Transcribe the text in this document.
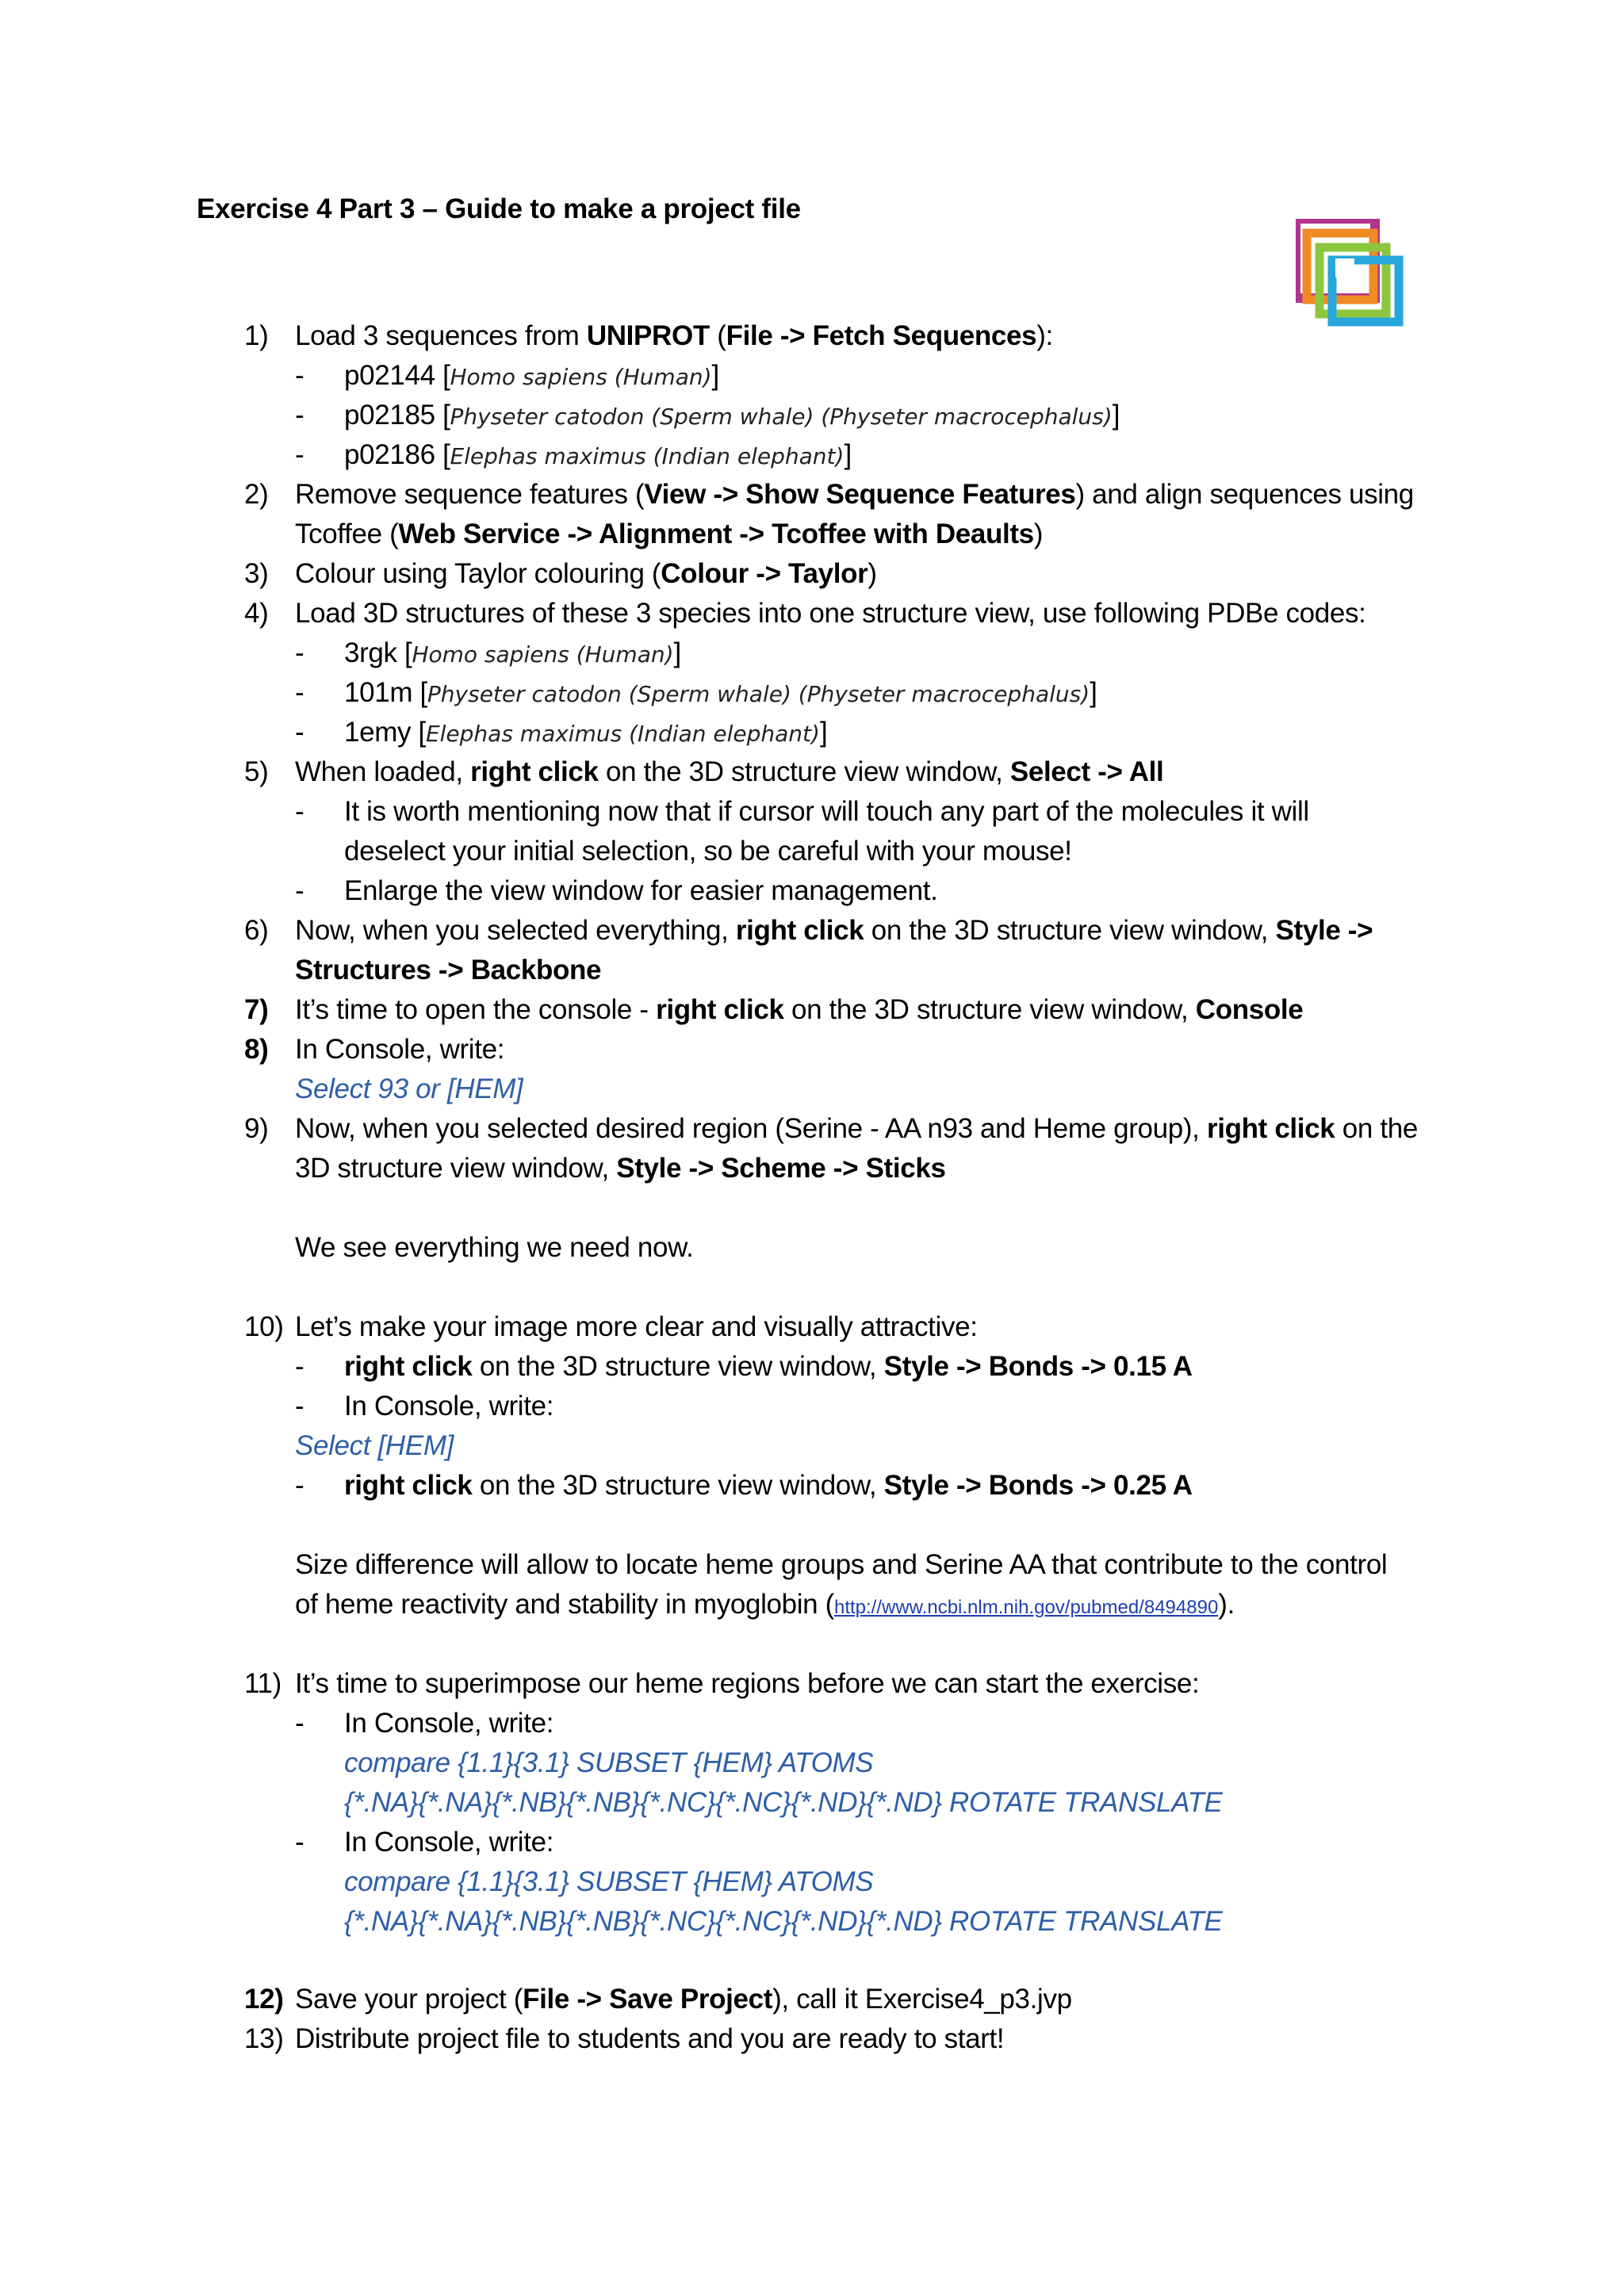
Exercise 4 Part 3 – Guide to make a project file
1) Load 3 sequences from UNIPROT (File -> Fetch Sequences):
- p02144 [Homo sapiens (Human)]
- p02185 [Physeter catodon (Sperm whale) (Physeter macrocephalus)]
- p02186 [Elephas maximus (Indian elephant)]
2) Remove sequence features (View -> Show Sequence Features) and align sequences using
Tcoffee (Web Service -> Alignment -> Tcoffee with Deaults)
3) Colour using Taylor colouring (Colour -> Taylor)
4) Load 3D structures of these 3 species into one structure view, use following PDBe codes:
- 3rgk [Homo sapiens (Human)]
- 101m [Physeter catodon (Sperm whale) (Physeter macrocephalus)]
- 1emy [Elephas maximus (Indian elephant)]
5) When loaded, right click on the 3D structure view window, Select -> All
- It is worth mentioning now that if cursor will touch any part of the molecules it will
deselect your initial selection, so be careful with your mouse!
- Enlarge the view window for easier management.
6) Now, when you selected everything, right click on the 3D structure view window, Style ->
Structures -> Backbone
7) It’s time to open the console - right click on the 3D structure view window, Console
8) In Console, write:
Select 93 or [HEM]
9) Now, when you selected desired region (Serine - AA n93 and Heme group), right click on the
3D structure view window, Style -> Scheme -> Sticks
We see everything we need now.
10) Let’s make your image more clear and visually attractive:
- right click on the 3D structure view window, Style -> Bonds -> 0.15 A
- In Console, write:
Select [HEM]
- right click on the 3D structure view window, Style -> Bonds -> 0.25 A
Size difference will allow to locate heme groups and Serine AA that contribute to the control
of heme reactivity and stability in myoglobin (http://www.ncbi.nlm.nih.gov/pubmed/8494890).
11) It’s time to superimpose our heme regions before we can start the exercise:
- In Console, write:
compare {1.1}{3.1} SUBSET {HEM} ATOMS
{*.NA}{*.NA}{*.NB}{*.NB}{*.NC}{*.NC}{*.ND}{*.ND} ROTATE TRANSLATE
- In Console, write:
compare {1.1}{3.1} SUBSET {HEM} ATOMS
{*.NA}{*.NA}{*.NB}{*.NB}{*.NC}{*.NC}{*.ND}{*.ND} ROTATE TRANSLATE
12) Save your project (File -> Save Project), call it Exercise4_p3.jvp
13) Distribute project file to students and you are ready to start!
